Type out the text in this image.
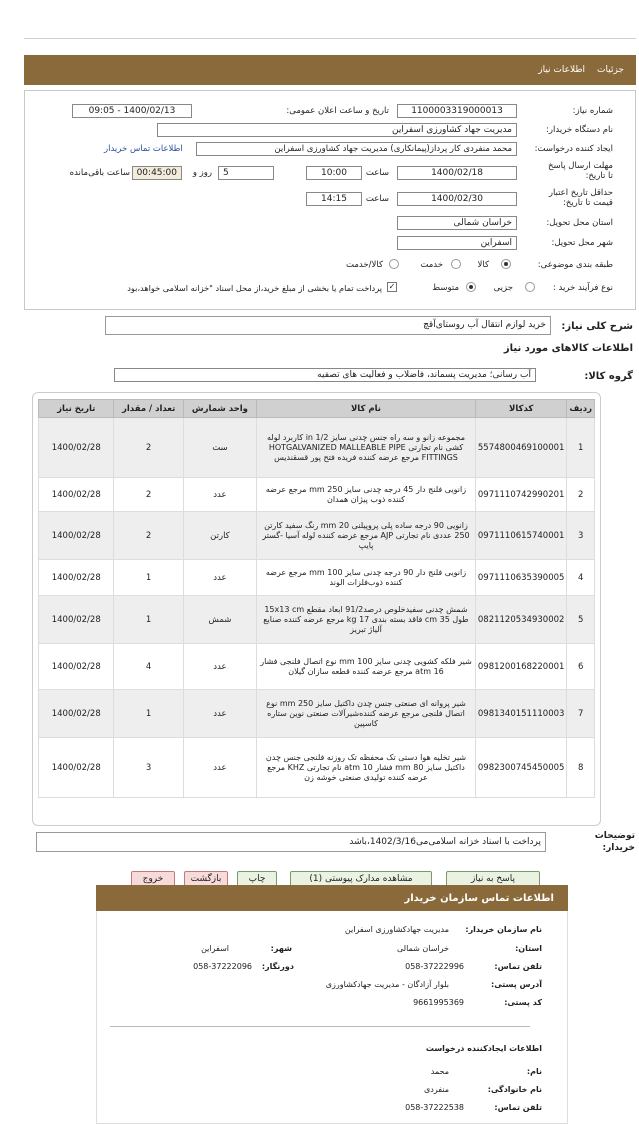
جزئیات
اطلاعات نیاز
شماره نیاز:
1100003319000013
تاریخ و ساعت اعلان عمومی:
1400/02/13 - 09:05
نام دستگاه خریدار:
مدیریت جهاد کشاورزی اسفراین
ایجاد کننده درخواست:
محمد منفردی کار پرداز(پیمانکاری) مدیریت جهاد کشاورزی اسفراین
اطلاعات تماس خریدار
مهلت ارسال پاسخ تا تاریخ:
1400/02/18
ساعت
10:00
5
روز و
00:45:00
ساعت باقی‌مانده
حداقل تاریخ اعتبار قیمت تا تاریخ:
1400/02/30
ساعت
14:15
استان محل تحویل:
خراسان شمالی
شهر محل تحویل:
اسفراین
طبقه بندی موضوعی:
کالا
خدمت
کالا/خدمت
نوع فرآیند خرید :
جزیی
متوسط
✓
پرداخت تمام یا بخشی از مبلغ خرید،از محل اسناد "خزانه اسلامی خواهد،بود
شرح کلی نیاز:
خرید لوازم انتقال آب روستای‌آقچ
اطلاعات کالاهای مورد نیاز
گروه کالا:
آب رسانی؛ مدیریت پسماند، فاضلاب و فعالیت های تصفیه
ردیف	کدکالا	نام کالا	واحد شمارش	تعداد / مقدار	تاریخ نیاز
1	5574800469100001	مجموعه زانو و سه راه جنس چدنی سایز 1/2 in کاربرد لوله کشی نام تجارتی HOTGALVANIZED MALLEABLE PIPE FITTINGS مرجع عرضه کننده فریده فتح پور قسقندیس	ست	2	1400/02/28
2	0971110742990201	زانویی فلنج دار 45 درجه چدنی سایز 250 mm مرجع عرضه کننده ذوب پیژان همدان	عدد	2	1400/02/28
3	0971110615740001	زانویی 90 درجه ساده پلی پروپیلنی 20 mm رنگ سفید کارتن 250 عددی نام تجارتی AJP مرجع عرضه کننده لوله آسیا -گستر پایپ	کارتن	2	1400/02/28
4	0971110635390005	زانویی فلنج دار 90 درجه چدنی سایز 100 mm مرجع عرضه کننده ذوب‌فلزات الوند	عدد	1	1400/02/28
5	0821120534930002	شمش چدنی سفیدخلوص درصد91/2 ابعاد مقطع 15x13 cm طول 35 cm فاقد بسته بندی 17 kg مرجع عرضه کننده صنایع آلیاژ تبریز	شمش	1	1400/02/28
6	0981200168220001	شیر فلکه کشویی چدنی سایز 100 mm نوع اتصال فلنجی فشار 16 atm مرجع عرضه کننده قطعه سازان گیلان	عدد	4	1400/02/28
7	0981340151110003	شیر پروانه ای صنعتی جنس چدن داکتیل سایز 250 mm نوع اتصال فلنجی مرجع عرضه کننده‌شیرآلات صنعتی نوین ستاره کاسپین	عدد	1	1400/02/28
8	0982300745450005	شیر تخلیه هوا دستی تک محفظه تک روزنه فلنجی جنس چدن داکتیل سایز 80 mm فشار 10 atm نام تجارتی KHZ مرجع عرضه کننده تولیدی صنعتی خوشه زن	عدد	3	1400/02/28
توضیحات خریدار:
پرداخت با اسناد خزانه اسلامی‌می‌1402/3/16،باشد
پاسخ به نیاز
مشاهده مدارک پیوستی (1)
چاپ
بازگشت
خروج
اطلاعات تماس سازمان خریدار
نام سازمان خریدار:
مدیریت جهادکشاورزی اسفراین
استان:
خراسان شمالی
شهر:
اسفراین
تلفن تماس:
058-37222996
دورنگار:
058-37222096
آدرس پستی:
بلوار آزادگان - مدیریت جهادکشاورزی
کد پستی:
9661995369
اطلاعات ایجادکننده درخواست
نام:
محمد
نام خانوادگی:
منفردی
تلفن تماس:
058-37222538
